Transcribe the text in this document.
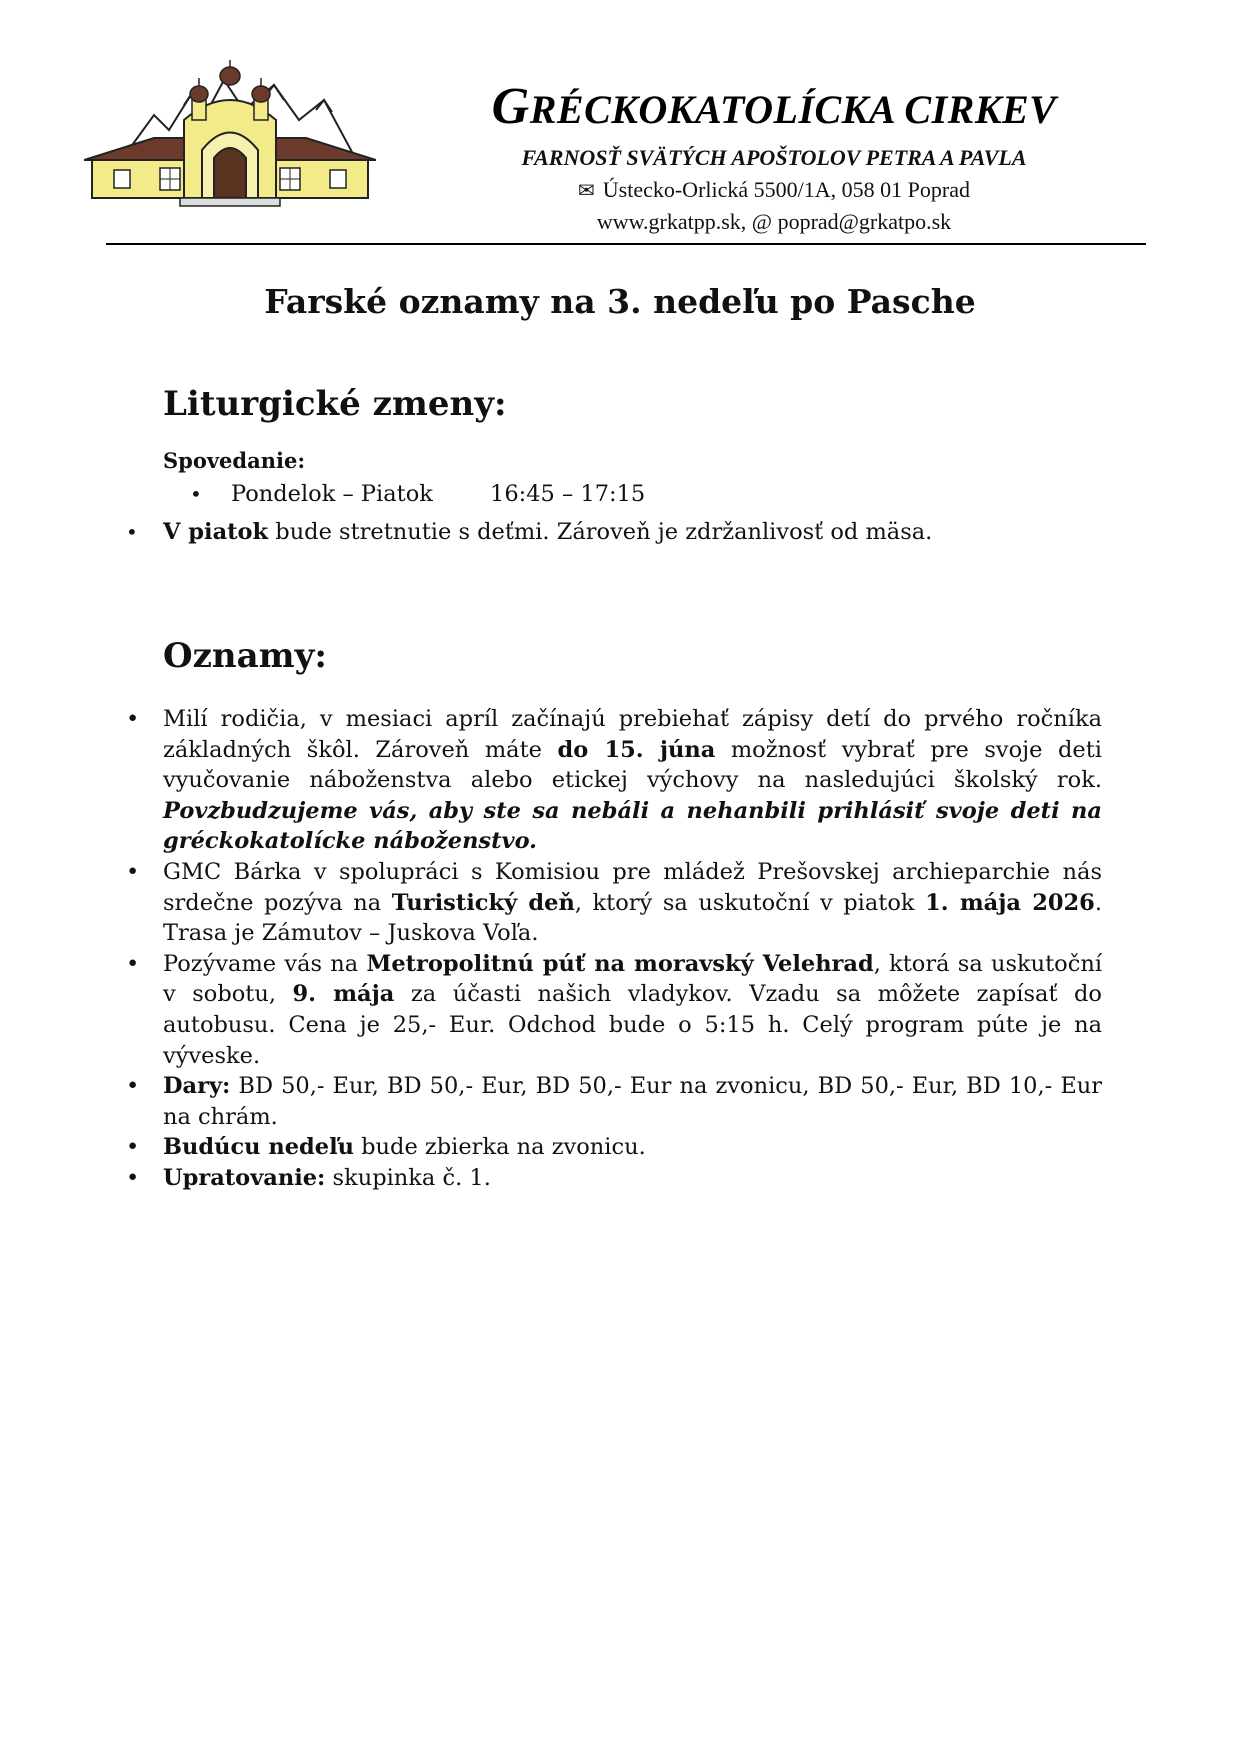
GRÉCKOKATOLÍCKA CIRKEV
FARNOSŤ SVÄTÝCH APOŠTOLOV PETRA A PAVLA
✉ Ústecko-Orlická 5500/1A, 058 01 Poprad
www.grkatpp.sk, @ poprad@grkatpo.sk
Farské oznamy na 3. nedeľu po Pasche
Liturgické zmeny:
Spovedanie:
• Pondelok – Piatok	16:45 – 17:15
• V piatok bude stretnutie s deťmi. Zároveň je zdržanlivosť od mäsa.
Oznamy:
• Milí rodičia, v mesiaci apríl začínajú prebiehať zápisy detí do prvého ročníka základných škôl. Zároveň máte do 15. júna možnosť vybrať pre svoje deti vyučovanie náboženstva alebo etickej výchovy na nasledujúci školský rok. Povzbudzujeme vás, aby ste sa nebáli a nehanbili prihlásiť svoje deti na gréckokatolícke náboženstvo.
• GMC Bárka v spolupráci s Komisiou pre mládež Prešovskej archieparchie nás srdečne pozýva na Turistický deň, ktorý sa uskutoční v piatok 1. mája 2026. Trasa je Zámutov – Juskova Voľa.
• Pozývame vás na Metropolitnú púť na moravský Velehrad, ktorá sa uskutoční v sobotu, 9. mája za účasti našich vladykov. Vzadu sa môžete zapísať do autobusu. Cena je 25,- Eur. Odchod bude o 5:15 h. Celý program púte je na výveske.
• Dary: BD 50,- Eur, BD 50,- Eur, BD 50,- Eur na zvonicu, BD 50,- Eur, BD 10,- Eur na chrám.
• Budúcu nedeľu bude zbierka na zvonicu.
• Upratovanie: skupinka č. 1.
